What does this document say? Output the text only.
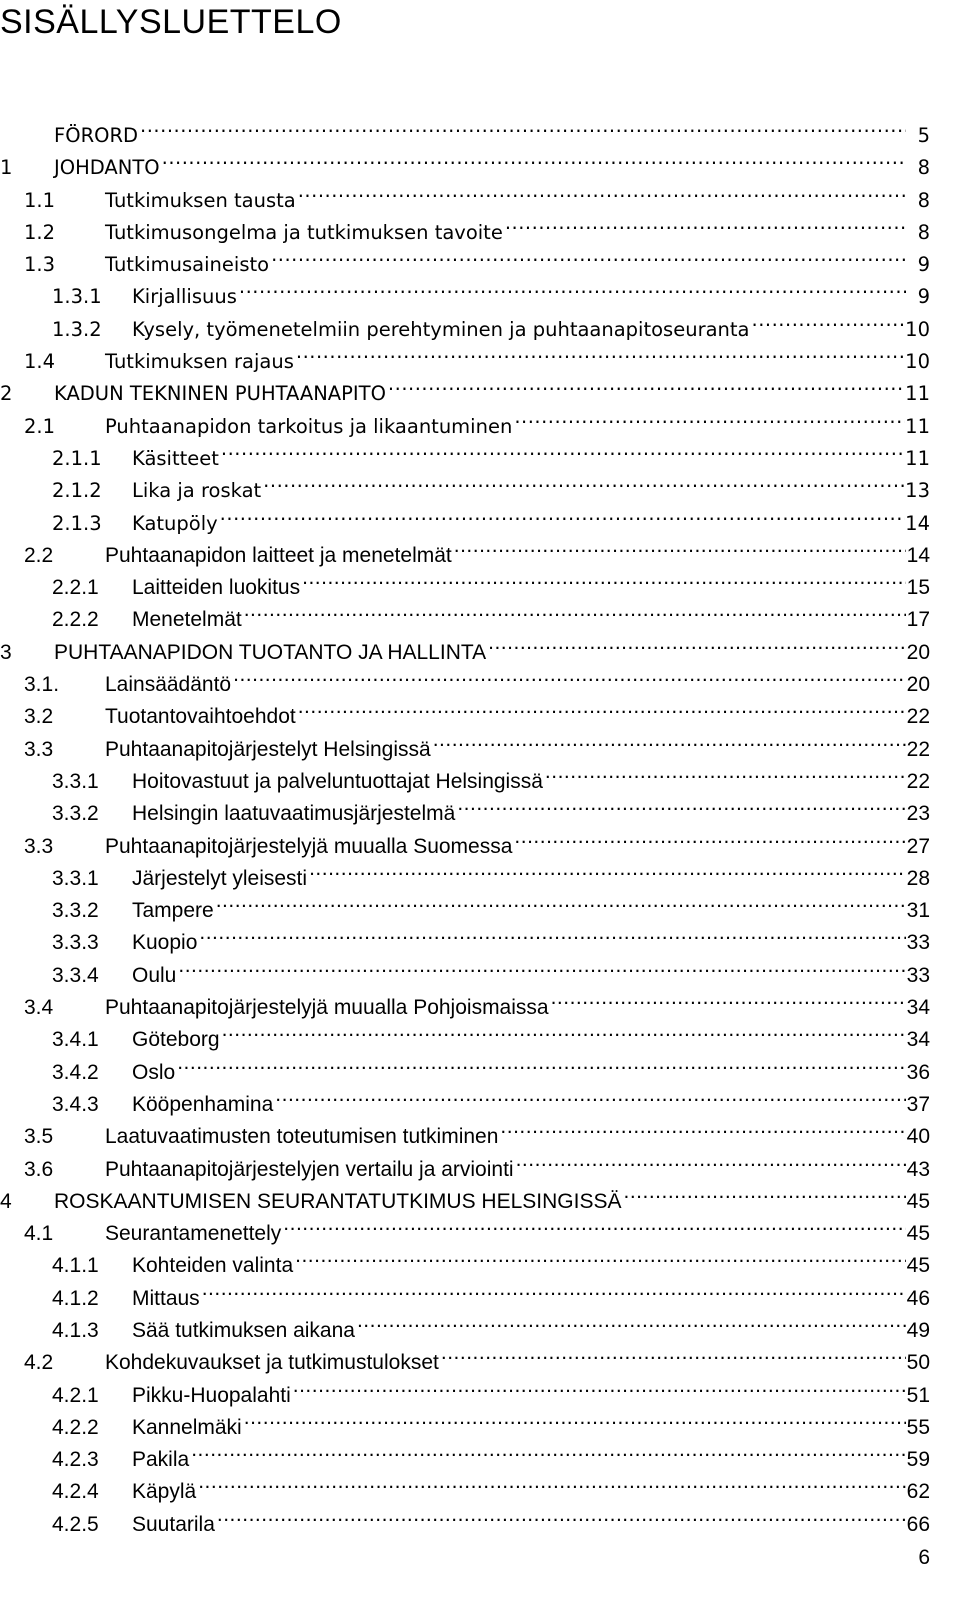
SISÄLLYSLUETTELO
FÖRORD .....	5
1	JOHDANTO .....	8
1.1	Tutkimuksen tausta .....	8
1.2	Tutkimusongelma ja tutkimuksen tavoite .....	8
1.3	Tutkimusaineisto .....	9
1.3.1	Kirjallisuus .....	9
1.3.2	Kysely, työmenetelmiin perehtyminen ja puhtaanapitoseuranta .....	10
1.4	Tutkimuksen rajaus .....	10
2	KADUN TEKNINEN PUHTAANAPITO .....	11
2.1	Puhtaanapidon tarkoitus ja likaantuminen .....	11
2.1.1	Käsitteet .....	11
2.1.2	Lika ja roskat .....	13
2.1.3	Katupöly .....	14
2.2	Puhtaanapidon laitteet ja menetelmät .....	14
2.2.1	Laitteiden luokitus .....	15
2.2.2	Menetelmät .....	17
3	PUHTAANAPIDON TUOTANTO JA HALLINTA .....	20
3.1.	Lainsäädäntö .....	20
3.2	Tuotantovaihtoehdot .....	22
3.3	Puhtaanapitojärjestelyt Helsingissä .....	22
3.3.1	Hoitovastuut ja palveluntuottajat Helsingissä .....	22
3.3.2	Helsingin laatuvaatimusjärjestelmä .....	23
3.3	Puhtaanapitojärjestelyjä muualla Suomessa .....	27
3.3.1	Järjestelyt yleisesti .....	28
3.3.2	Tampere .....	31
3.3.3	Kuopio .....	33
3.3.4	Oulu .....	33
3.4	Puhtaanapitojärjestelyjä muualla Pohjoismaissa .....	34
3.4.1	Göteborg .....	34
3.4.2	Oslo .....	36
3.4.3	Kööpenhamina .....	37
3.5	Laatuvaatimusten toteutumisen tutkiminen .....	40
3.6	Puhtaanapitojärjestelyjen vertailu ja arviointi .....	43
4	ROSKAANTUMISEN SEURANTATUTKIMUS HELSINGISSÄ .....	45
4.1	Seurantamenettely .....	45
4.1.1	Kohteiden valinta .....	45
4.1.2	Mittaus .....	46
4.1.3	Sää tutkimuksen aikana .....	49
4.2	Kohdekuvaukset ja tutkimustulokset .....	50
4.2.1	Pikku-Huopalahti .....	51
4.2.2	Kannelmäki .....	55
4.2.3	Pakila .....	59
4.2.4	Käpylä .....	62
4.2.5	Suutarila .....	66
6
